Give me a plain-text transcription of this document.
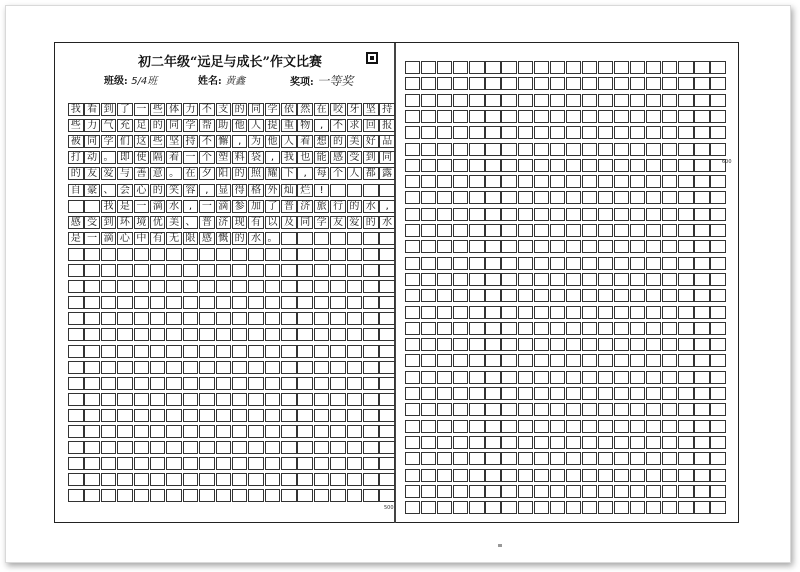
初二年级“远足与成长”作文比赛
班级: 5/4班	姓名: 黄鑫	奖项: 一等奖
我 看 到 了 一 些 体 力 不 支 的 同 学 依 然 在 咬 牙 坚 持
些 力 气 充 足 的 同 学 帮 助 他 人 提 重 物 , 不 求 回 报
被 同 学 们 这 些 坚 持 不 懈 , 为 他 人 着 想 的 美 好 品
打 动 。 即 使 隔 着 一 个 塑 料 袋 , 我 也 能 感 受 到 同
的 友 爱 与 善 意 。 在 夕 阳 的 照 耀 下 , 每 个 人 都 露
自 豪 、 会 心 的 笑 容 , 显 得 格 外 灿 烂 !
我 是 一 滴 水 , 一 滴 参 加 了 普 济 旅 行 的 水 ,
感 受 到 环 境 优 美 、 普 济 现 有 以 及 同 学 友 爱 的 水
是 一 滴 心 中 有 无 限 感 慨 的 水 。
500
600
